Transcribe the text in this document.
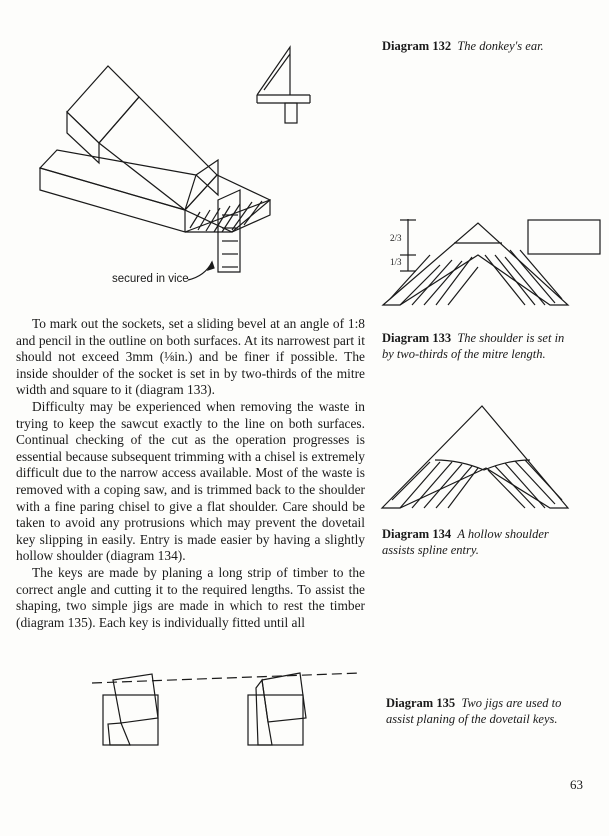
secured in vice
Diagram 132 The donkey's ear.
2/3
1/3
Diagram 133 The shoulder is set in by two-thirds of the mitre length.
Diagram 134 A hollow shoulder assists spline entry.

To mark out the sockets, set a sliding bevel at an angle of 1:8 and pencil in the outline on both surfaces. At its narrowest part it should not exceed 3mm (⅛in.) and be finer if possible. The inside shoulder of the socket is set in by two-thirds of the mitre width and square to it (diagram 133).

Difficulty may be experienced when removing the waste in trying to keep the sawcut exactly to the line on both surfaces. Continual checking of the cut as the operation progresses is essential because subsequent trimming with a chisel is extremely difficult due to the narrow access available. Most of the waste is removed with a coping saw, and is trimmed back to the shoulder with a fine paring chisel to give a flat shoulder. Care should be taken to avoid any protrusions which may prevent the dovetail key slipping in easily. Entry is made easier by having a slightly hollow shoulder (diagram 134).

The keys are made by planing a long strip of timber to the correct angle and cutting it to the required lengths. To assist the shaping, two simple jigs are made in which to rest the timber (diagram 135). Each key is individually fitted until all

Diagram 135 Two jigs are used to assist planing of the dovetail keys.
63
